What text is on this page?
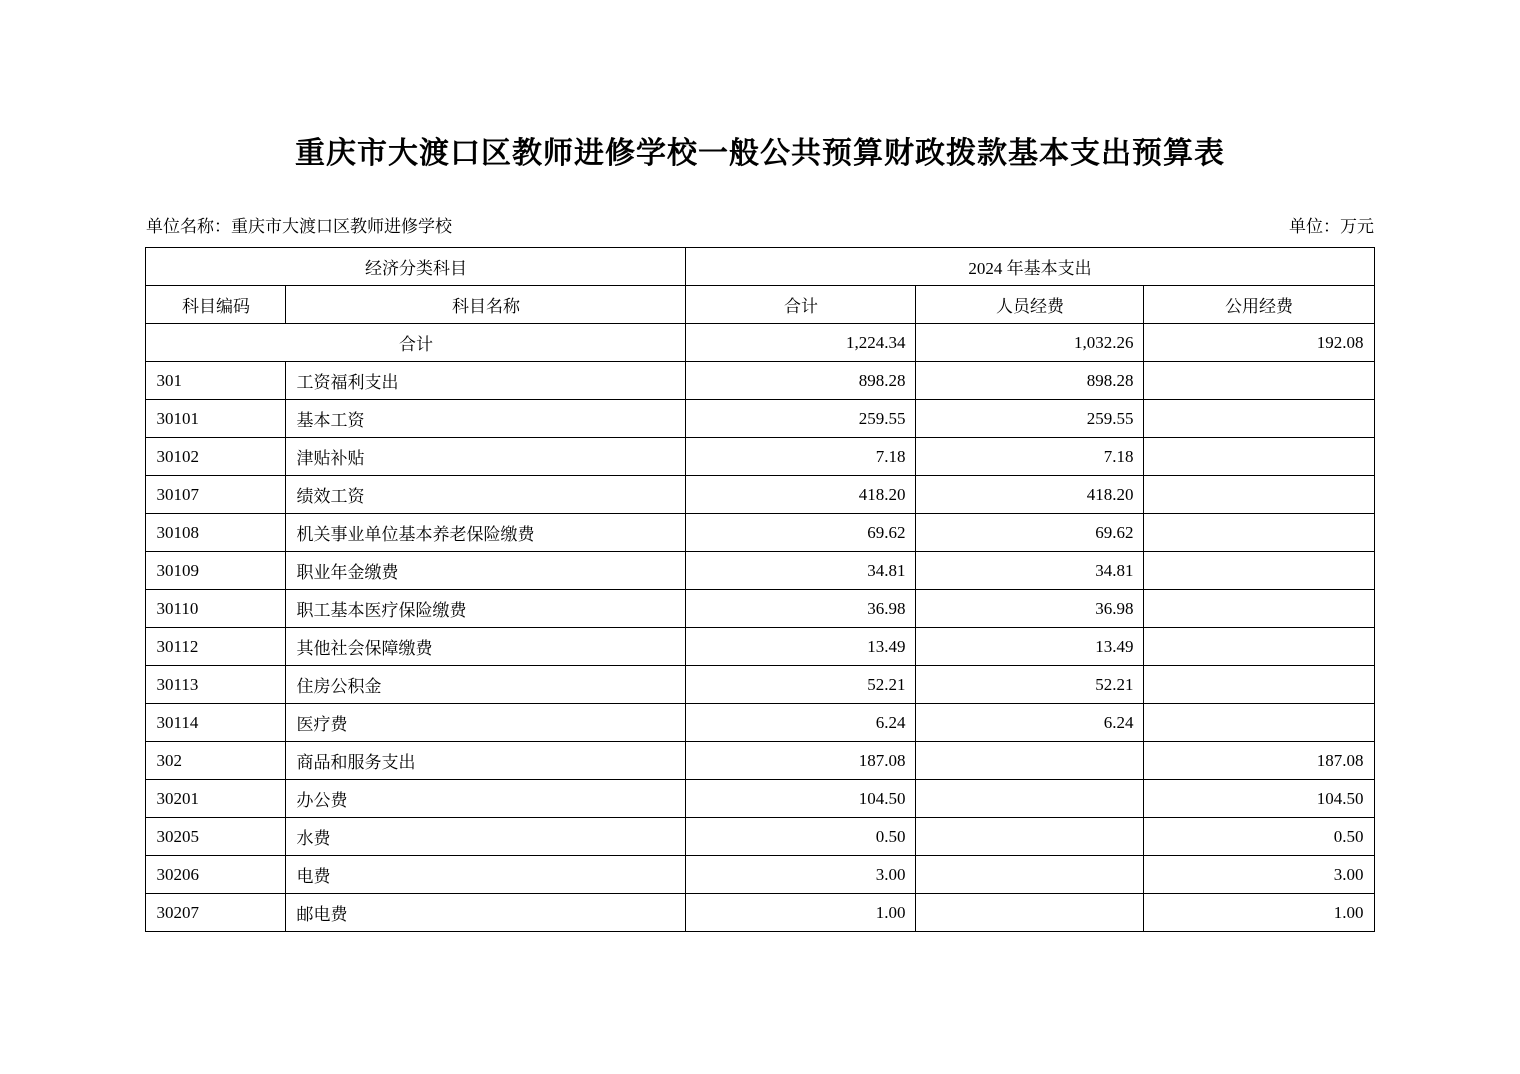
重庆市大渡口区教师进修学校一般公共预算财政拨款基本支出预算表
单位名称：重庆市大渡口区教师进修学校	单位：万元
经济分类科目		2024 年基本支出		
科目编码	科目名称	合计	人员经费	公用经费
合计		1,224.34	1,032.26	192.08
301	工资福利支出	898.28	898.28	
30101	基本工资	259.55	259.55	
30102	津贴补贴	7.18	7.18	
30107	绩效工资	418.20	418.20	
30108	机关事业单位基本养老保险缴费	69.62	69.62	
30109	职业年金缴费	34.81	34.81	
30110	职工基本医疗保险缴费	36.98	36.98	
30112	其他社会保障缴费	13.49	13.49	
30113	住房公积金	52.21	52.21	
30114	医疗费	6.24	6.24	
302	商品和服务支出	187.08		187.08
30201	办公费	104.50		104.50
30205	水费	0.50		0.50
30206	电费	3.00		3.00
30207	邮电费	1.00		1.00
